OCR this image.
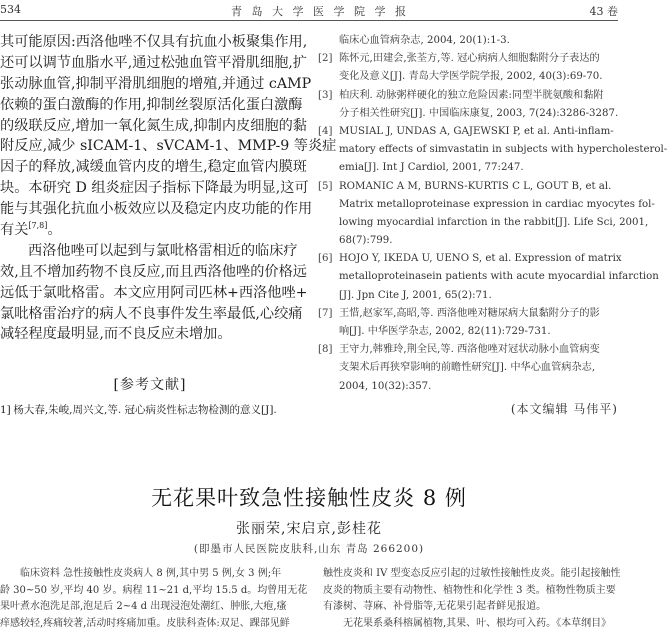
534	青 岛 大 学 医 学 院 学 报	43 卷
其可能原因:西洛他唑不仅具有抗血小板聚集作用,
还可以调节血脂水平,通过松弛血管平滑肌细胞,扩
张动脉血管,抑制平滑肌细胞的增殖,并通过 cAMP
依赖的蛋白激酶的作用,抑制丝裂原活化蛋白激酶
的级联反应,增加一氧化氮生成,抑制内皮细胞的黏
附反应,减少 sICAM-1、sVCAM-1、MMP-9 等炎症
因子的释放,减缓血管内皮的增生,稳定血管内膜斑
块。本研究 D 组炎症因子指标下降最为明显,这可
能与其强化抗血小板效应以及稳定内皮功能的作用
有关[7,8]。
西洛他唑可以起到与氯吡格雷相近的临床疗
效,且不增加药物不良反应,而且西洛他唑的价格远
远低于氯吡格雷。本文应用阿司匹林+西洛他唑+
氯吡格雷治疗的病人不良事件发生率最低,心绞痛
减轻程度最明显,而不良反应未增加。
[参考文献]
1] 杨大春,朱峻,周兴文,等. 冠心病炎性标志物检测的意义[J].
临床心血管病杂志, 2004, 20(1):1-3.
[2] 陈怀元,田建会,张荃方,等. 冠心病病人细胞黏附分子表达的
变化及意义[J]. 青岛大学医学院学报, 2002, 40(3):69-70.
[3] 柏庆利. 动脉粥样硬化的独立危险因素:同型半胱氨酸和黏附
分子相关性研究[J]. 中国临床康复, 2003, 7(24):3286-3287.
[4] MUSIAL J, UNDAS A, GAJEWSKI P, et al. Anti-inflam-
matory effects of simvastatin in subjects with hypercholesterol-
emia[J]. Int J Cardiol, 2001, 77:247.
[5] ROMANIC A M, BURNS-KURTIS C L, GOUT B, et al.
Matrix metalloproteinase expression in cardiac myocytes fol-
lowing myocardial infarction in the rabbit[J]. Life Sci, 2001,
68(7):799.
[6] HOJO Y, IKEDA U, UENO S, et al. Expression of matrix
metalloproteinasein patients with acute myocardial infarction
[J]. Jpn Cite J, 2001, 65(2):71.
[7] 王惜,赵家军,高昭,等. 西洛他唑对糖尿病大鼠黏附分子的影
响[J]. 中华医学杂志, 2002, 82(11):729-731.
[8] 王守力,韩雅玲,荆全民,等. 西洛他唑对冠状动脉小血管病变
支架术后再狭窄影响的前瞻性研究[J]. 中华心血管病杂志,
2004, 10(32):357.
(本文编辑 马伟平)
无花果叶致急性接触性皮炎 8 例
张丽荣,宋启京,彭桂花
(即墨市人民医院皮肤科,山东 青岛 266200)
临床资料 急性接触性皮炎病人 8 例,其中男 5 例,女 3 例;年
龄 30~50 岁,平均 40 岁。病程 11~21 d,平均 15.5 d。均曾用无花
果叶煮水泡洗足部,泡足后 2~4 d 出现浸泡处潮红、肿胀,大疱,瘙
痒感较轻,疼痛较著,活动时疼痛加重。皮肤科查体:双足、踝部见鲜
触性皮炎和 IV 型变态反应引起的过敏性接触性皮炎。能引起接触性
皮炎的物质主要有动物性、植物性和化学性 3 类。植物性物质主要
有漆树、荨麻、补骨脂等,无花果引起者鲜见报道。
无花果系桑科榕属植物,其果、叶、根均可入药。《本草纲目》
